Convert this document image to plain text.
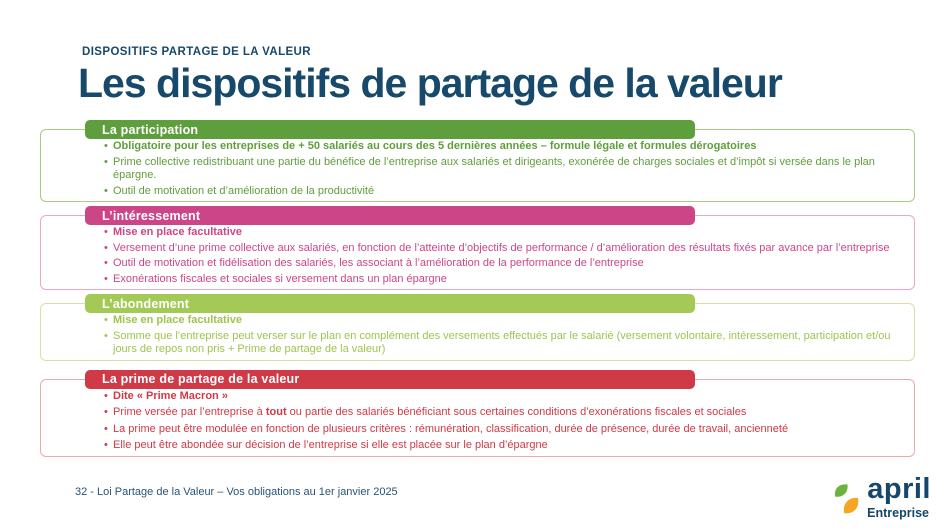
DISPOSITIFS PARTAGE DE LA VALEUR
Les dispositifs de partage de la valeur
La participation
• Obligatoire pour les entreprises de + 50 salariés au cours des 5 dernières années – formule légale et formules dérogatoires
• Prime collective redistribuant une partie du bénéfice de l’entreprise aux salariés et dirigeants, exonérée de charges sociales et d’impôt si versée dans le plan épargne.
• Outil de motivation et d’amélioration de la productivité
L’intéressement
• Mise en place facultative
• Versement d’une prime collective aux salariés, en fonction de l’atteinte d’objectifs de performance / d’amélioration des résultats fixés par avance par l’entreprise
• Outil de motivation et fidélisation des salariés, les associant à l’amélioration de la performance de l’entreprise
• Exonérations fiscales et sociales si versement dans un plan épargne
L’abondement
• Mise en place facultative
• Somme que l’entreprise peut verser sur le plan en complément des versements effectués par le salarié (versement volontaire, intéressement, participation et/ou jours de repos non pris + Prime de partage de la valeur)
La prime de partage de la valeur
• Dite « Prime Macron »
• Prime versée par l’entreprise à tout ou partie des salariés bénéficiant sous certaines conditions d’exonérations fiscales et sociales
• La prime peut être modulée en fonction de plusieurs critères : rémunération, classification, durée de présence, durée de travail, ancienneté
• Elle peut être abondée sur décision de l’entreprise si elle est placée sur le plan d’épargne
32 - Loi Partage de la Valeur – Vos obligations au 1er janvier 2025	april
Entreprise
